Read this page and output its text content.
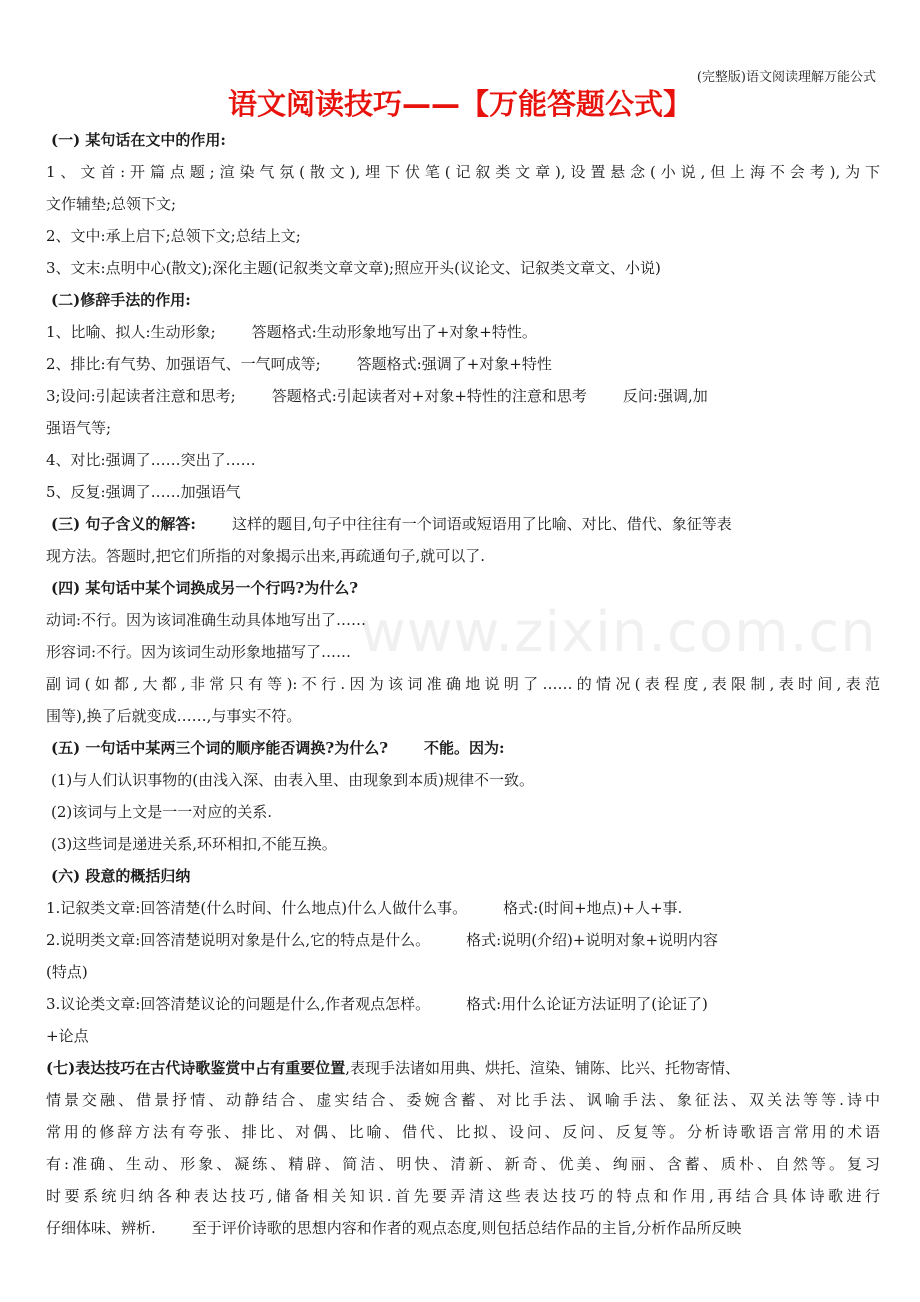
(完整版)语文阅读理解万能公式
语文阅读技巧——【万能答题公式】
www.zixin.com.cn
(一) 某句话在文中的作用:
1、文首:开篇点题;渲染气氛(散文),埋下伏笔(记叙类文章),设置悬念(小说,但上海不会考),为下
文作辅垫;总领下文;
2、文中:承上启下;总领下文;总结上文;
3、文末:点明中心(散文);深化主题(记叙类文章文章);照应开头(议论文、记叙类文章文、小说)
(二)修辞手法的作用:
1、比喻、拟人:生动形象; 答题格式:生动形象地写出了+对象+特性。
2、排比:有气势、加强语气、一气呵成等; 答题格式:强调了+对象+特性
3;设问:引起读者注意和思考; 答题格式:引起读者对+对象+特性的注意和思考 反问:强调,加
强语气等;
4、对比:强调了……突出了……
5、反复:强调了……加强语气
(三) 句子含义的解答: 这样的题目,句子中往往有一个词语或短语用了比喻、对比、借代、象征等表
现方法。答题时,把它们所指的对象揭示出来,再疏通句子,就可以了.
(四) 某句话中某个词换成另一个行吗?为什么?
动词:不行。因为该词准确生动具体地写出了……
形容词:不行。因为该词生动形象地描写了……
副词(如都,大都,非常只有等):不行.因为该词准确地说明了……的情况(表程度,表限制,表时间,表范
围等),换了后就变成……,与事实不符。
(五) 一句话中某两三个词的顺序能否调换?为什么? 不能。因为:
(1)与人们认识事物的(由浅入深、由表入里、由现象到本质)规律不一致。
(2)该词与上文是一一对应的关系.
(3)这些词是递进关系,环环相扣,不能互换。
(六) 段意的概括归纳
1.记叙类文章:回答清楚(什么时间、什么地点)什么人做什么事。 格式:(时间+地点)+人+事.
2.说明类文章:回答清楚说明对象是什么,它的特点是什么。 格式:说明(介绍)+说明对象+说明内容
(特点)
3.议论类文章:回答清楚议论的问题是什么,作者观点怎样。 格式:用什么论证方法证明了(论证了)
+论点
(七)表达技巧在古代诗歌鉴赏中占有重要位置,表现手法诸如用典、烘托、渲染、铺陈、比兴、托物寄情、
情景交融、借景抒情、动静结合、虚实结合、委婉含蓄、对比手法、讽喻手法、象征法、双关法等等.诗中
常用的修辞方法有夸张、排比、对偶、比喻、借代、比拟、设问、反问、反复等。分析诗歌语言常用的术语
有:准确、生动、形象、凝练、精辟、简洁、明快、清新、新奇、优美、绚丽、含蓄、质朴、自然等。复习
时要系统归纳各种表达技巧,储备相关知识.首先要弄清这些表达技巧的特点和作用,再结合具体诗歌进行
仔细体味、辨析. 至于评价诗歌的思想内容和作者的观点态度,则包括总结作品的主旨,分析作品所反映
